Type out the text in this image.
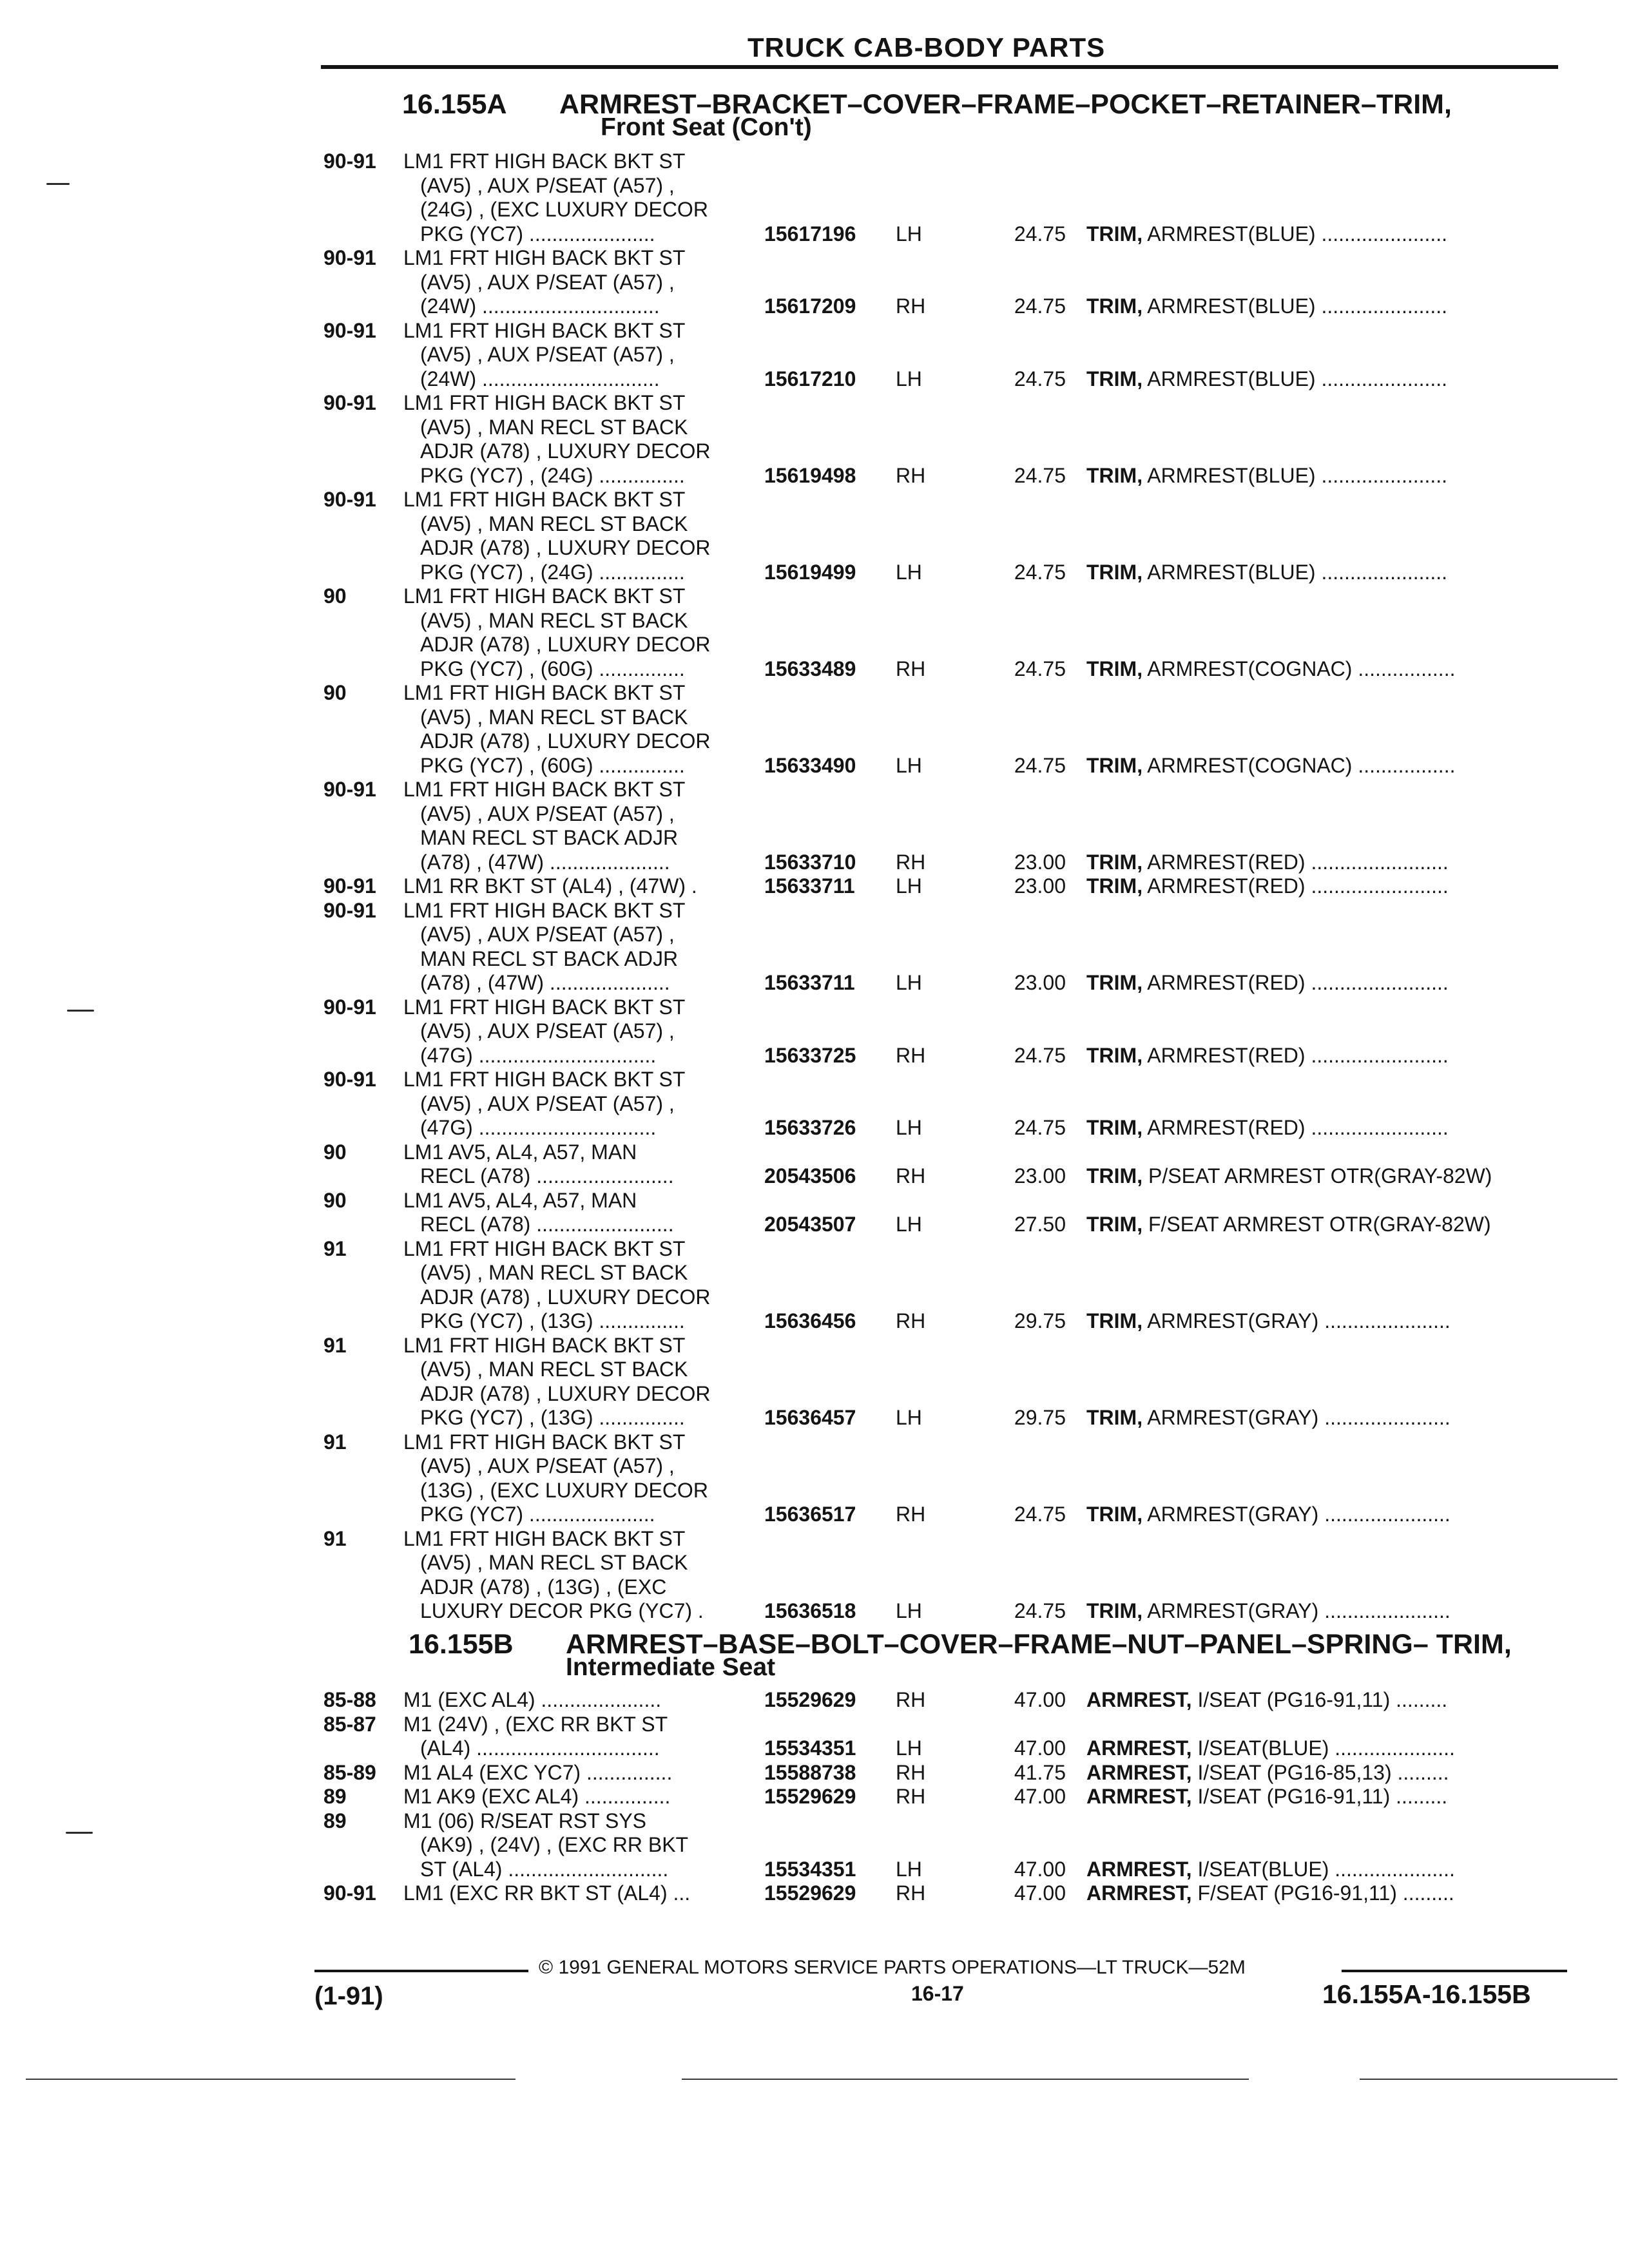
TRUCK CAB-BODY PARTS
16.155A ARMREST–BRACKET–COVER–FRAME–POCKET–RETAINER–TRIM,
Front Seat (Con't)
16.155B ARMREST–BASE–BOLT–COVER–FRAME–NUT–PANEL–SPRING– TRIM,
Intermediate Seat
90-91	LM1 FRT HIGH BACK BKT ST
(AV5) , AUX P/SEAT (A57) ,
(24G) , (EXC LUXURY DECOR
PKG (YC7) ......................	15617196	LH	24.75 TRIM, ARMREST(BLUE) ......................
90-91	LM1 FRT HIGH BACK BKT ST
(AV5) , AUX P/SEAT (A57) ,
(24W) ...............................	15617209	RH	24.75 TRIM, ARMREST(BLUE) ......................
90-91	LM1 FRT HIGH BACK BKT ST
(AV5) , AUX P/SEAT (A57) ,
(24W) ...............................	15617210	LH	24.75 TRIM, ARMREST(BLUE) ......................
90-91	LM1 FRT HIGH BACK BKT ST
(AV5) , MAN RECL ST BACK
ADJR (A78) , LUXURY DECOR
PKG (YC7) , (24G) ...............	15619498	RH	24.75 TRIM, ARMREST(BLUE) ......................
90-91	LM1 FRT HIGH BACK BKT ST
(AV5) , MAN RECL ST BACK
ADJR (A78) , LUXURY DECOR
PKG (YC7) , (24G) ...............	15619499	LH	24.75 TRIM, ARMREST(BLUE) ......................
90	LM1 FRT HIGH BACK BKT ST
(AV5) , MAN RECL ST BACK
ADJR (A78) , LUXURY DECOR
PKG (YC7) , (60G) ...............	15633489	RH	24.75 TRIM, ARMREST(COGNAC) .................
90	LM1 FRT HIGH BACK BKT ST
(AV5) , MAN RECL ST BACK
ADJR (A78) , LUXURY DECOR
PKG (YC7) , (60G) ...............	15633490	LH	24.75 TRIM, ARMREST(COGNAC) .................
90-91	LM1 FRT HIGH BACK BKT ST
(AV5) , AUX P/SEAT (A57) ,
MAN RECL ST BACK ADJR
(A78) , (47W) .....................	15633710	RH	23.00 TRIM, ARMREST(RED) ........................
90-91	LM1 RR BKT ST (AL4) , (47W) .	15633711	LH	23.00 TRIM, ARMREST(RED) ........................
90-91	LM1 FRT HIGH BACK BKT ST
(AV5) , AUX P/SEAT (A57) ,
MAN RECL ST BACK ADJR
(A78) , (47W) .....................	15633711	LH	23.00 TRIM, ARMREST(RED) ........................
90-91	LM1 FRT HIGH BACK BKT ST
(AV5) , AUX P/SEAT (A57) ,
(47G) ...............................	15633725	RH	24.75 TRIM, ARMREST(RED) ........................
90-91	LM1 FRT HIGH BACK BKT ST
(AV5) , AUX P/SEAT (A57) ,
(47G) ...............................	15633726	LH	24.75 TRIM, ARMREST(RED) ........................
90	LM1 AV5, AL4, A57, MAN
RECL (A78) ........................	20543506	RH	23.00 TRIM, P/SEAT ARMREST OTR(GRAY-82W)
90	LM1 AV5, AL4, A57, MAN
RECL (A78) ........................	20543507	LH	27.50 TRIM, F/SEAT ARMREST OTR(GRAY-82W)
91	LM1 FRT HIGH BACK BKT ST
(AV5) , MAN RECL ST BACK
ADJR (A78) , LUXURY DECOR
PKG (YC7) , (13G) ...............	15636456	RH	29.75 TRIM, ARMREST(GRAY) ......................
91	LM1 FRT HIGH BACK BKT ST
(AV5) , MAN RECL ST BACK
ADJR (A78) , LUXURY DECOR
PKG (YC7) , (13G) ...............	15636457	LH	29.75 TRIM, ARMREST(GRAY) ......................
91	LM1 FRT HIGH BACK BKT ST
(AV5) , AUX P/SEAT (A57) ,
(13G) , (EXC LUXURY DECOR
PKG (YC7) ......................	15636517	RH	24.75 TRIM, ARMREST(GRAY) ......................
91	LM1 FRT HIGH BACK BKT ST
(AV5) , MAN RECL ST BACK
ADJR (A78) , (13G) , (EXC
LUXURY DECOR PKG (YC7) .	15636518	LH	24.75 TRIM, ARMREST(GRAY) ......................
85-88	M1 (EXC AL4) .....................	15529629	RH	47.00 ARMREST, I/SEAT (PG16-91,11) .........
85-87	M1 (24V) , (EXC RR BKT ST
(AL4) ................................	15534351	LH	47.00 ARMREST, I/SEAT(BLUE) .....................
85-89	M1 AL4 (EXC YC7) ...............	15588738	RH	41.75 ARMREST, I/SEAT (PG16-85,13) .........
89	M1 AK9 (EXC AL4) ...............	15529629	RH	47.00 ARMREST, I/SEAT (PG16-91,11) .........
89	M1 (06) R/SEAT RST SYS
(AK9) , (24V) , (EXC RR BKT
ST (AL4) ............................	15534351	LH	47.00 ARMREST, I/SEAT(BLUE) .....................
90-91	LM1 (EXC RR BKT ST (AL4) ...	15529629	RH	47.00 ARMREST, F/SEAT (PG16-91,11) .........
© 1991 GENERAL MOTORS SERVICE PARTS OPERATIONS—LT TRUCK—52M
(1-91)	16-17	16.155A-16.155B
